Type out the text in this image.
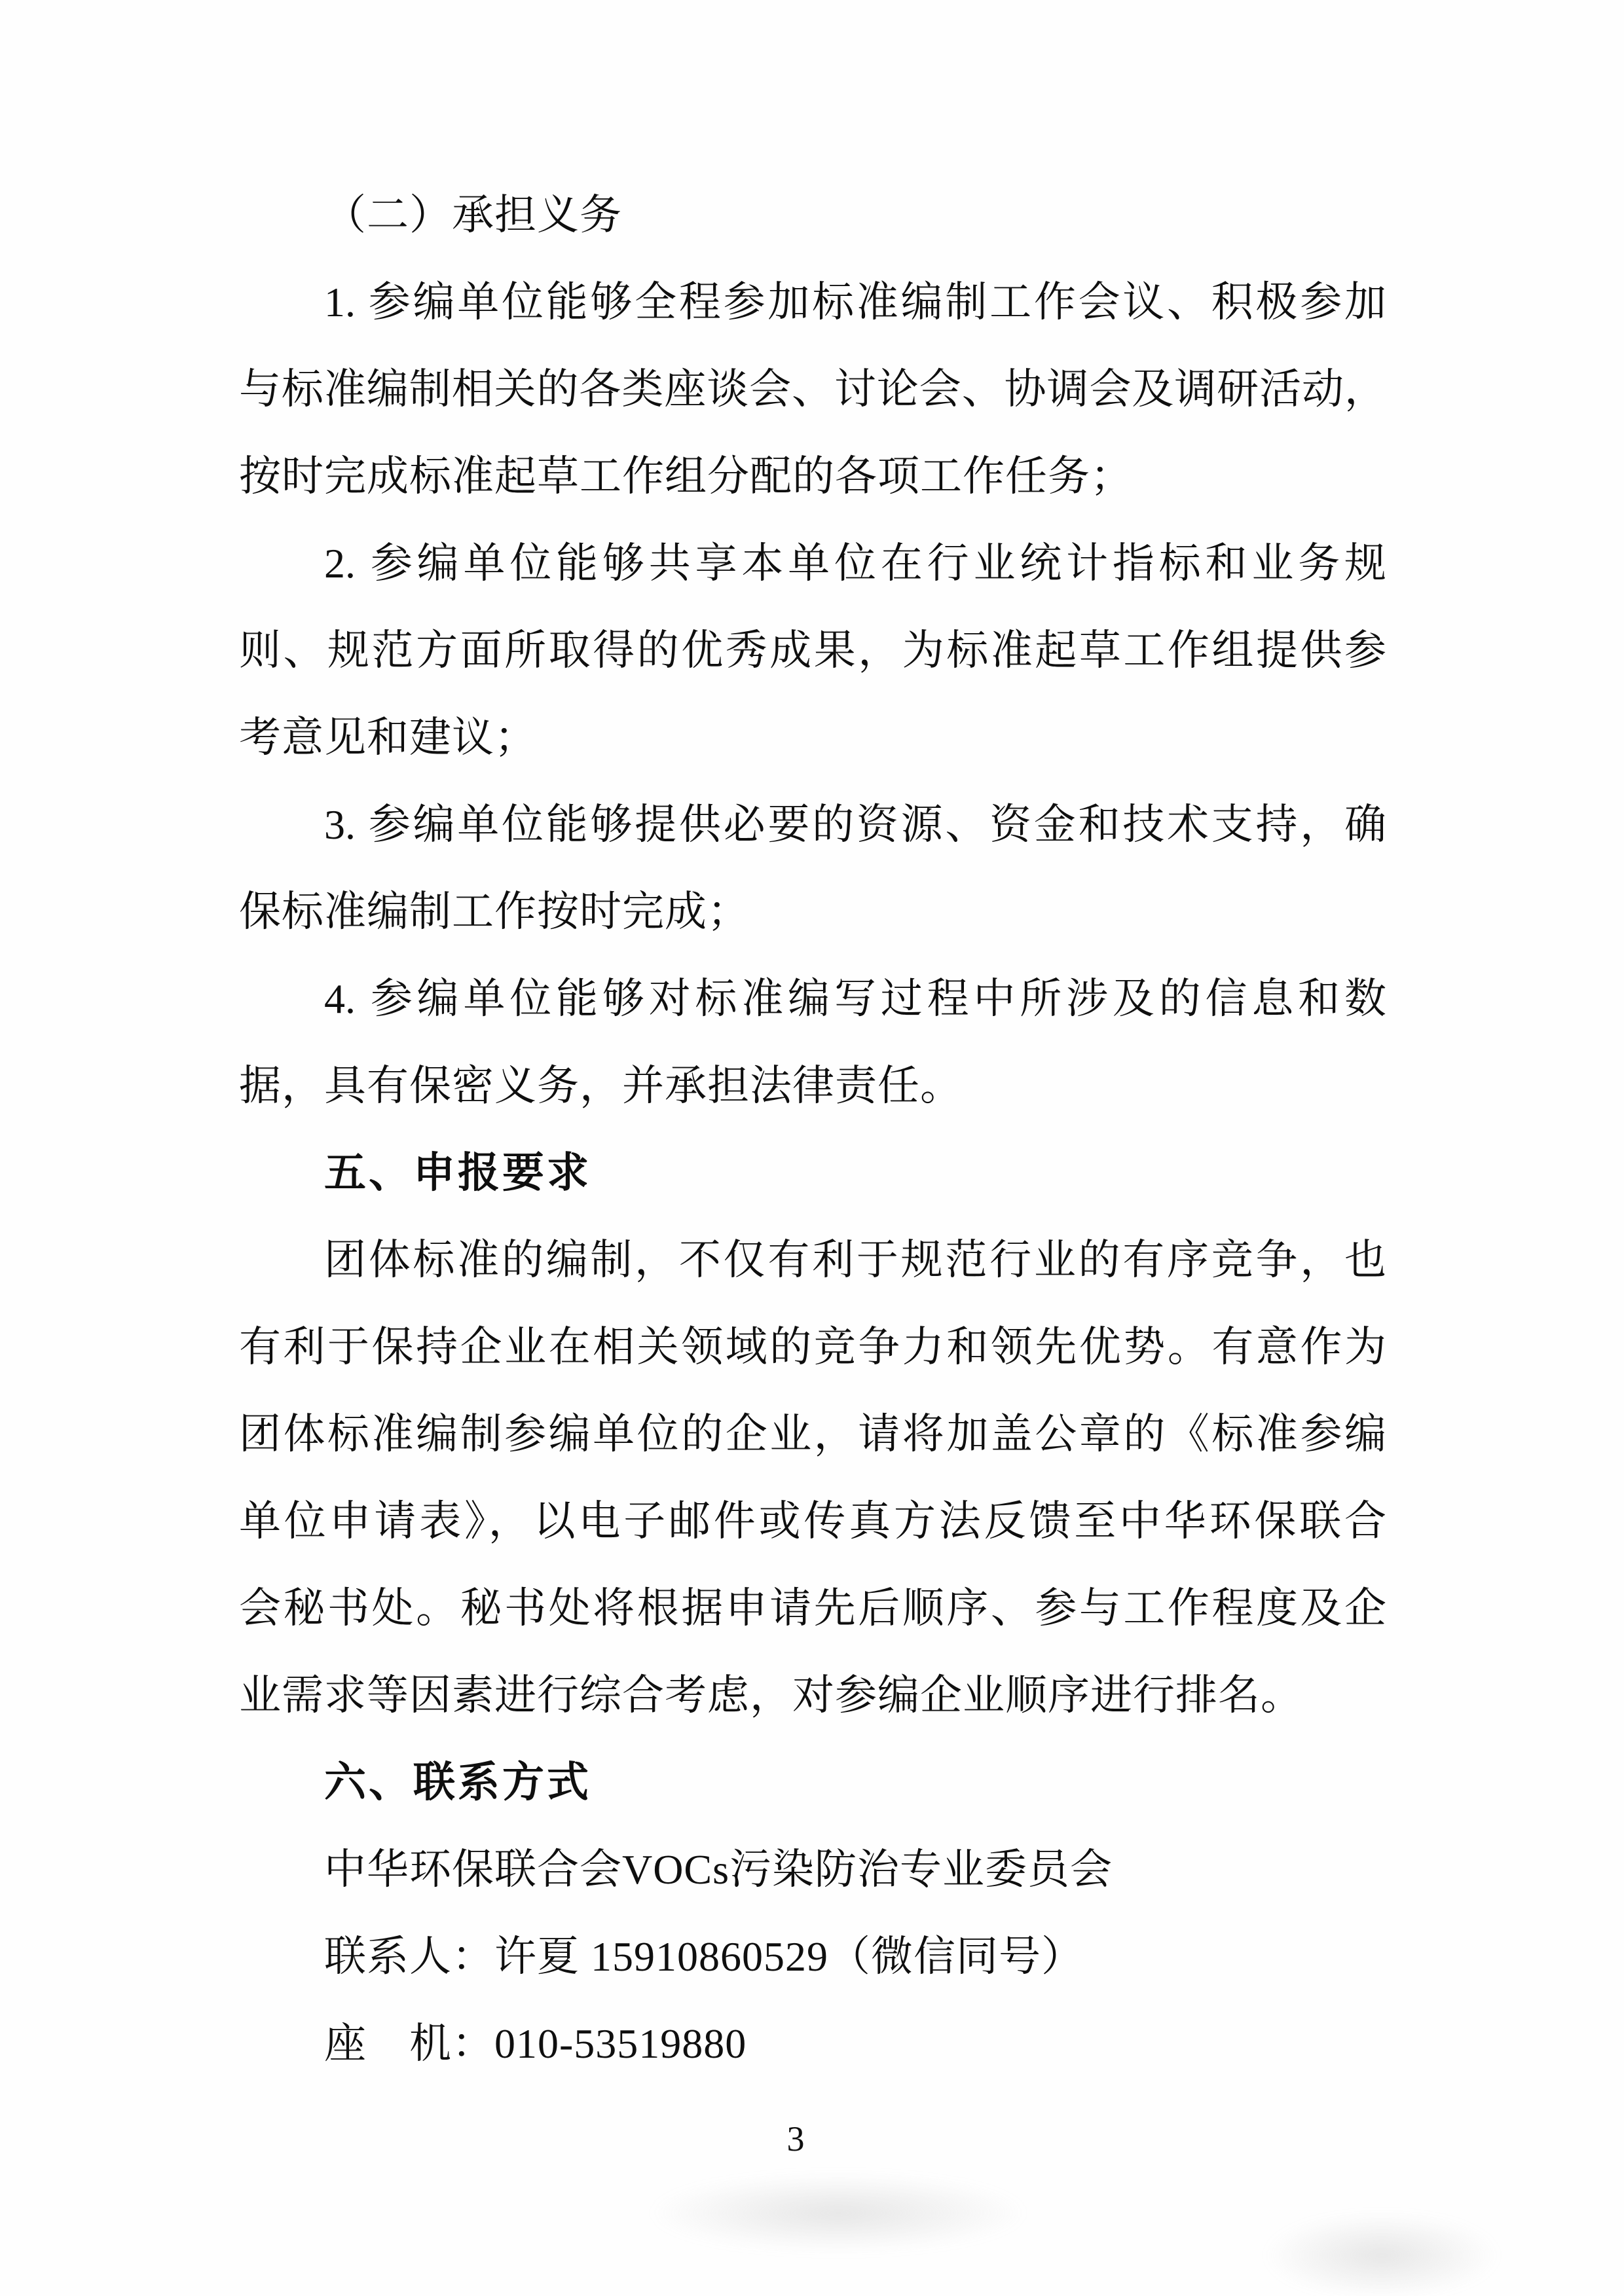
（二）承担义务
1. 参编单位能够全程参加标准编制工作会议、积极参加
与标准编制相关的各类座谈会、讨论会、协调会及调研活动，
按时完成标准起草工作组分配的各项工作任务；
2. 参编单位能够共享本单位在行业统计指标和业务规
则、规范方面所取得的优秀成果，为标准起草工作组提供参
考意见和建议；
3. 参编单位能够提供必要的资源、资金和技术支持，确
保标准编制工作按时完成；
4. 参编单位能够对标准编写过程中所涉及的信息和数
据，具有保密义务，并承担法律责任。
五、申报要求
团体标准的编制，不仅有利于规范行业的有序竞争，也
有利于保持企业在相关领域的竞争力和领先优势。有意作为
团体标准编制参编单位的企业，请将加盖公章的《标准参编
单位申请表》，以电子邮件或传真方法反馈至中华环保联合
会秘书处。秘书处将根据申请先后顺序、参与工作程度及企
业需求等因素进行综合考虑，对参编企业顺序进行排名。
六、联系方式
中华环保联合会VOCs污染防治专业委员会
联系人：许夏 15910860529（微信同号）
座　机：010-53519880
3
